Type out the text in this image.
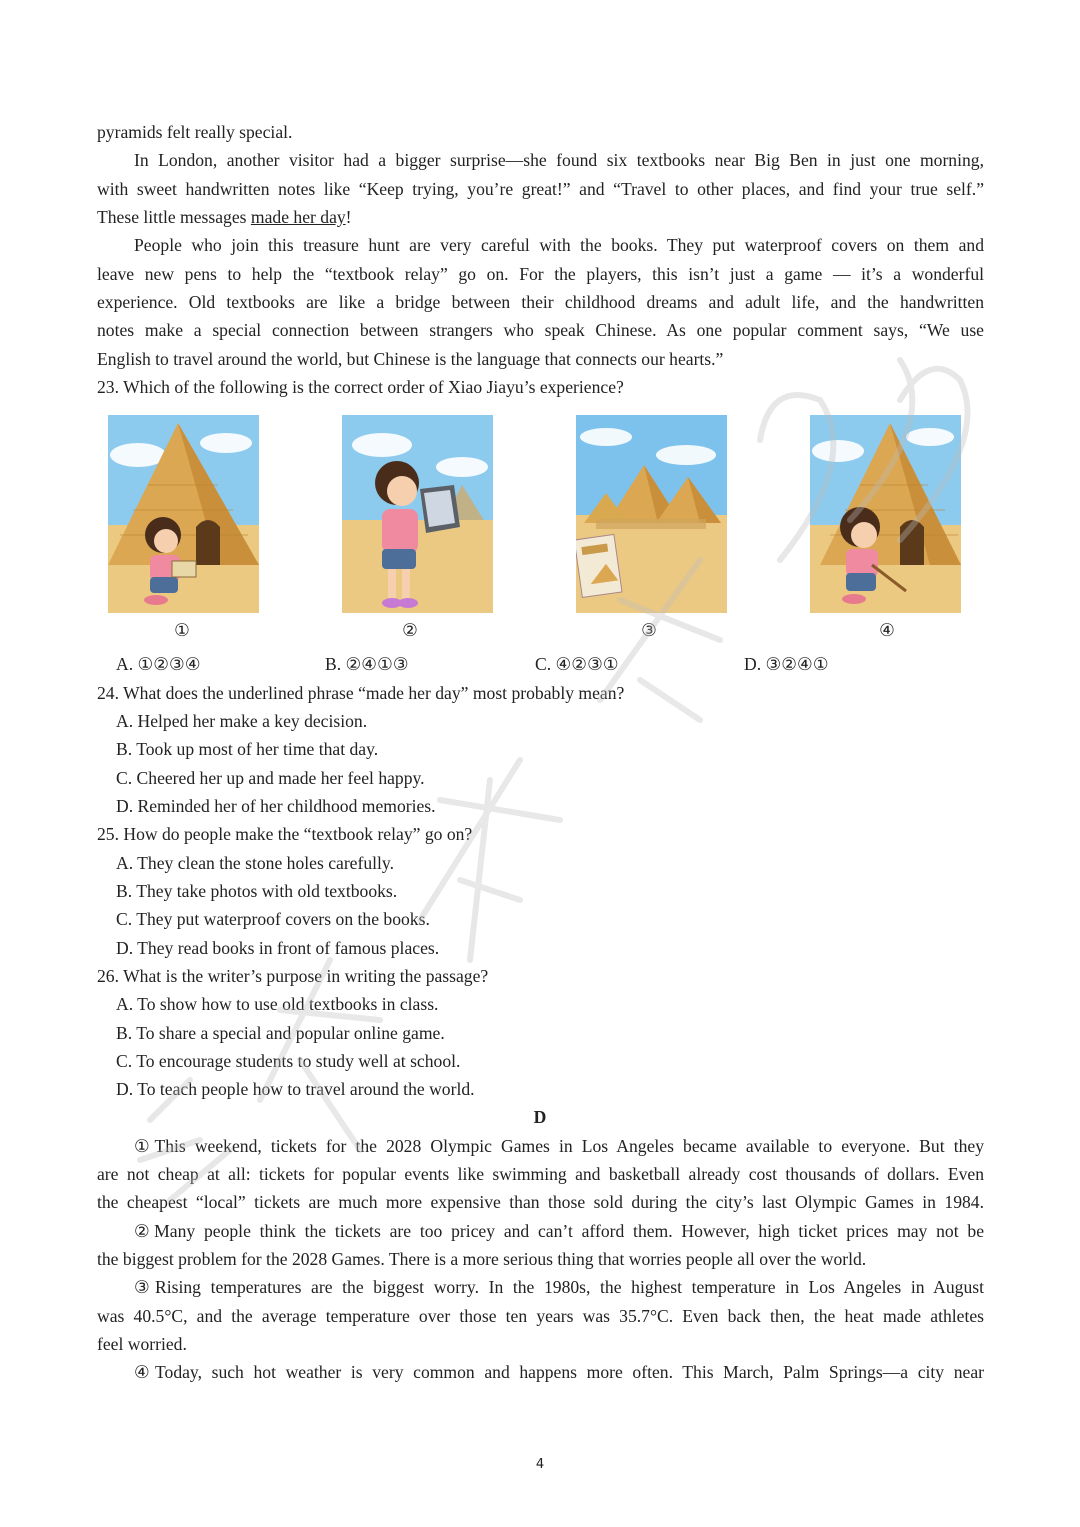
pyramids felt really special.
In London, another visitor had a bigger surprise—she found six textbooks near Big Ben in just one morning,
with sweet handwritten notes like “Keep trying, you’re great!” and “Travel to other places, and find your true self.”
These little messages made her day!
People who join this treasure hunt are very careful with the books. They put waterproof covers on them and
leave new pens to help the “textbook relay” go on. For the players, this isn’t just a game — it’s a wonderful
experience. Old textbooks are like a bridge between their childhood dreams and adult life, and the handwritten
notes make a special connection between strangers who speak Chinese. As one popular comment says, “We use
English to travel around the world, but Chinese is the language that connects our hearts.”
23. Which of the following is the correct order of Xiao Jiayu’s experience?
①	②	③	④
A. ①②③④	B. ②④①③	C. ④②③①	D. ③②④①
24. What does the underlined phrase “made her day” most probably mean?
A. Helped her make a key decision.
B. Took up most of her time that day.
C. Cheered her up and made her feel happy.
D. Reminded her of her childhood memories.
25. How do people make the “textbook relay” go on?
A. They clean the stone holes carefully.
B. They take photos with old textbooks.
C. They put waterproof covers on the books.
D. They read books in front of famous places.
26. What is the writer’s purpose in writing the passage?
A. To show how to use old textbooks in class.
B. To share a special and popular online game.
C. To encourage students to study well at school.
D. To teach people how to travel around the world.
D
①This weekend, tickets for the 2028 Olympic Games in Los Angeles became available to everyone. But they
are not cheap at all: tickets for popular events like swimming and basketball already cost thousands of dollars. Even
the cheapest “local” tickets are much more expensive than those sold during the city’s last Olympic Games in 1984.
②Many people think the tickets are too pricey and can’t afford them. However, high ticket prices may not be
the biggest problem for the 2028 Games. There is a more serious thing that worries people all over the world.
③Rising temperatures are the biggest worry. In the 1980s, the highest temperature in Los Angeles in August
was 40.5°C, and the average temperature over those ten years was 35.7°C. Even back then, the heat made athletes
feel worried.
④Today, such hot weather is very common and happens more often. This March, Palm Springs—a city near
4
